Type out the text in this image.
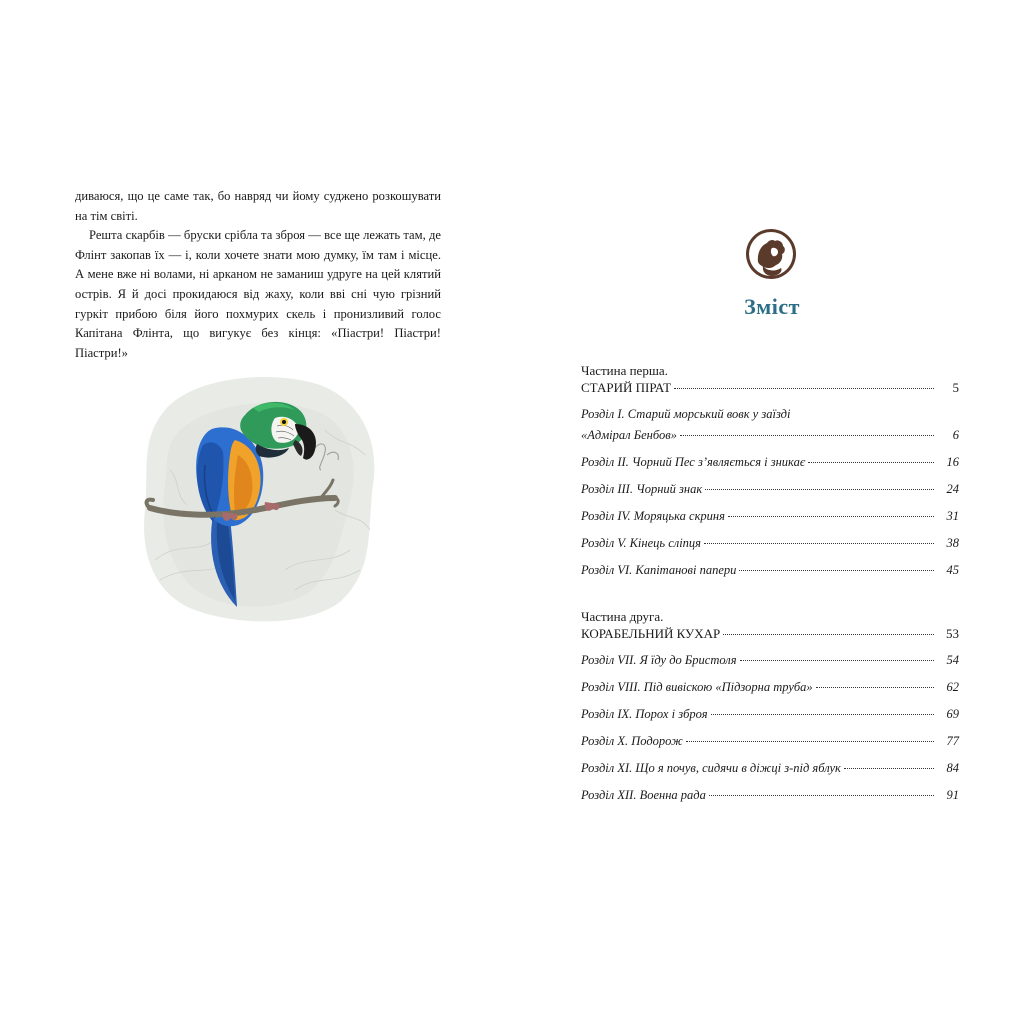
диваюся, що це саме так, бо навряд чи йому суджено розкошувати на тім світі.

Решта скарбів — бруски срібла та зброя — все ще лежать там, де Флінт закопав їх — і, коли хочете знати мою думку, їм там і місце. А мене вже ні волами, ні арканом не заманиш удруге на цей клятий острів. Я й досі прокидаюся від жаху, коли вві сні чую грізний гуркіт прибою біля його похмурих скель і пронизливий голос Капітана Флінта, що вигукує без кінця: «Піастри! Піастри! Піастри!»

Зміст
Частина перша.
СТАРИЙ ПІРАТ	5
Розділ I. Старий морський вовк у заїзді
«Адмірал Бенбов»	6
Розділ II. Чорний Пес з’являється і зникає	16
Розділ III. Чорний знак	24
Розділ IV. Моряцька скриня	31
Розділ V. Кінець сліпця	38
Розділ VI. Капітанові папери	45
Частина друга.
КОРАБЕЛЬНИЙ КУХАР	53
Розділ VII. Я їду до Бристоля	54
Розділ VIII. Під вивіскою «Підзорна труба»	62
Розділ IX. Порох і зброя	69
Розділ X. Подорож	77
Розділ XI. Що я почув, сидячи в діжці з-під яблук	84
Розділ XII. Военна рада	91
